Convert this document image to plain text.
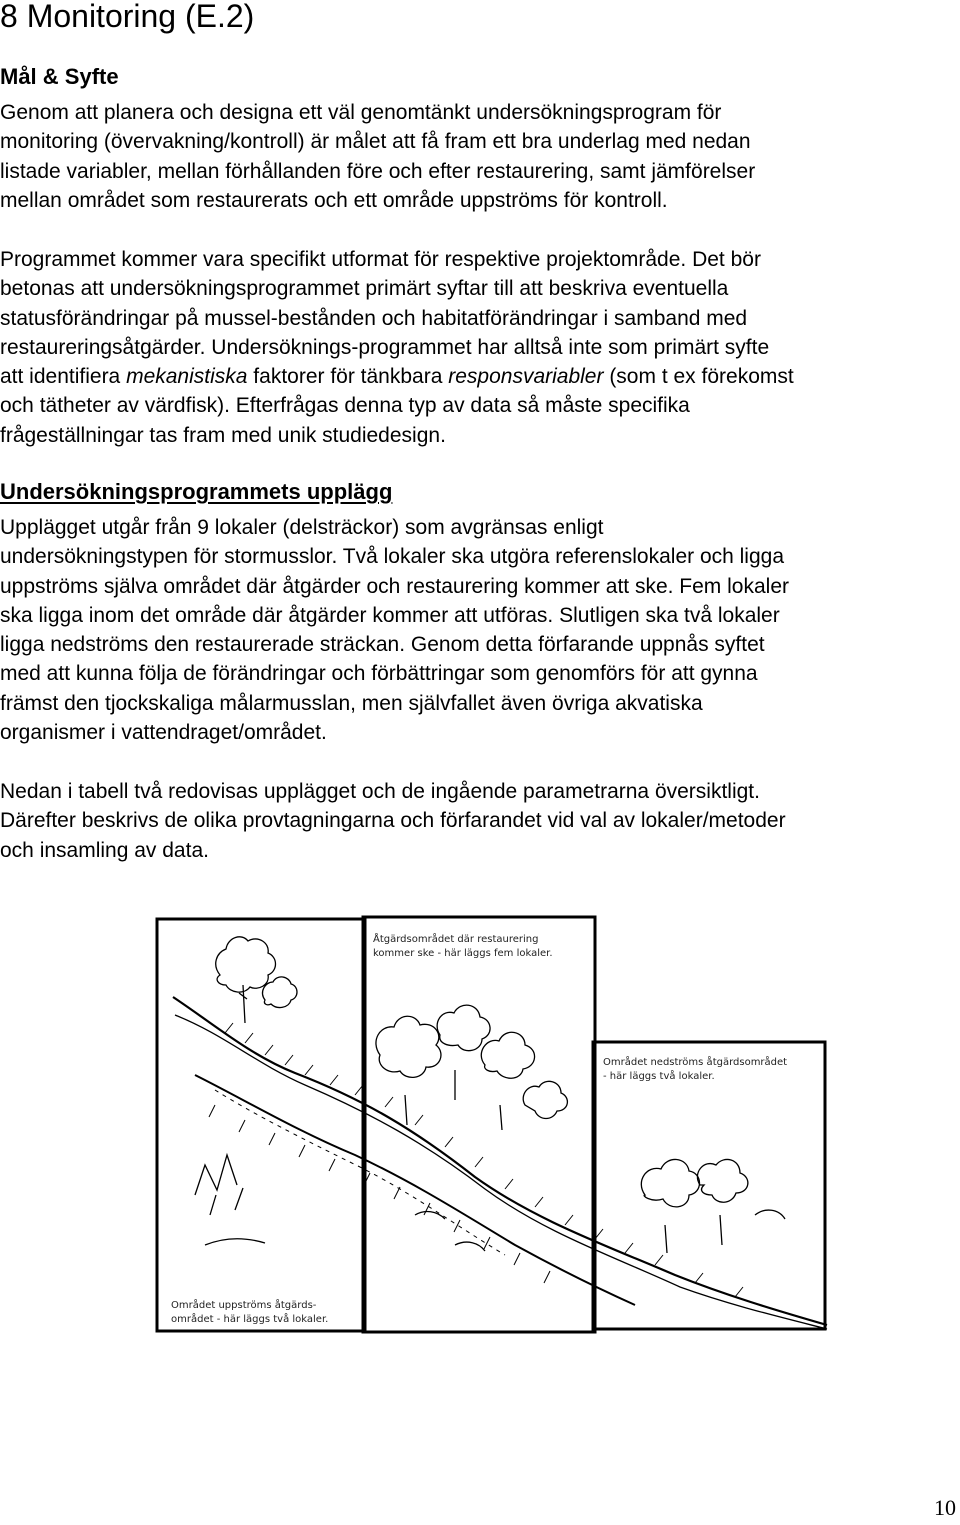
8 Monitoring (E.2)
Mål & Syfte
Genom att planera och designa ett väl genomtänkt undersökningsprogram för
monitoring (övervakning/kontroll) är målet att få fram ett bra underlag med nedan
listade variabler, mellan förhållanden före och efter restaurering, samt jämförelser
mellan området som restaurerats och ett område uppströms för kontroll.
Programmet kommer vara specifikt utformat för respektive projektområde. Det bör
betonas att undersökningsprogrammet primärt syftar till att beskriva eventuella
statusförändringar på mussel-bestånden och habitatförändringar i samband med
restaureringsåtgärder. Undersöknings-programmet har alltså inte som primärt syfte
att identifiera mekanistiska faktorer för tänkbara responsvariabler (som t ex förekomst
och tätheter av värdfisk). Efterfrågas denna typ av data så måste specifika
frågeställningar tas fram med unik studiedesign.
Undersökningsprogrammets upplägg
Upplägget utgår från 9 lokaler (delsträckor) som avgränsas enligt
undersökningstypen för stormusslor. Två lokaler ska utgöra referenslokaler och ligga
uppströms själva området där åtgärder och restaurering kommer att ske. Fem lokaler
ska ligga inom det område där åtgärder kommer att utföras. Slutligen ska två lokaler
ligga nedströms den restaurerade sträckan. Genom detta förfarande uppnås syftet
med att kunna följa de förändringar och förbättringar som genomförs för att gynna
främst den tjockskaliga målarmusslan, men självfallet även övriga akvatiska
organismer i vattendraget/området.
Nedan i tabell två redovisas upplägget och de ingående parametrarna översiktligt.
Därefter beskrivs de olika provtagningarna och förfarandet vid val av lokaler/metoder
och insamling av data.
Åtgärdsområdet där restaurering
kommer ske - här läggs fem lokaler.
Området nedströms åtgärdsområdet
- här läggs två lokaler.
Området uppströms åtgärds-
området - här läggs två lokaler.
10
